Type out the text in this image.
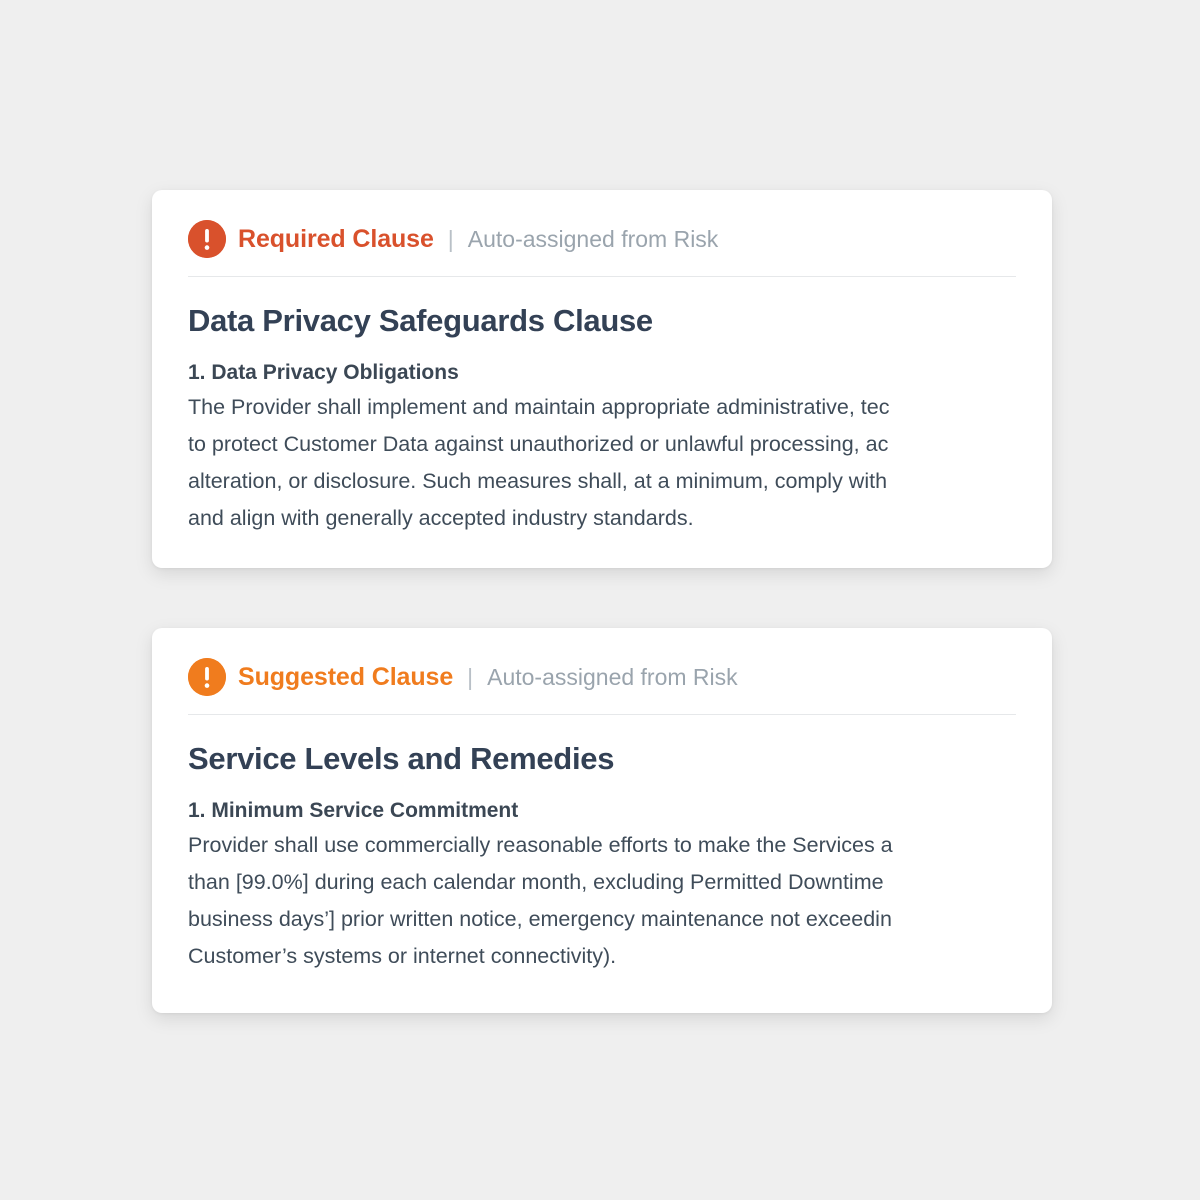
Required Clause | Auto-assigned from Risk
Data Privacy Safeguards Clause
1. Data Privacy Obligations

The Provider shall implement and maintain appropriate administrative, tec
to protect Customer Data against unauthorized or unlawful processing, ac
alteration, or disclosure. Such measures shall, at a minimum, comply with
and align with generally accepted industry standards.

Suggested Clause | Auto-assigned from Risk
Service Levels and Remedies
1. Minimum Service Commitment

Provider shall use commercially reasonable efforts to make the Services a
than [99.0%] during each calendar month, excluding Permitted Downtime
business days’] prior written notice, emergency maintenance not exceedin
Customer’s systems or internet connectivity).
